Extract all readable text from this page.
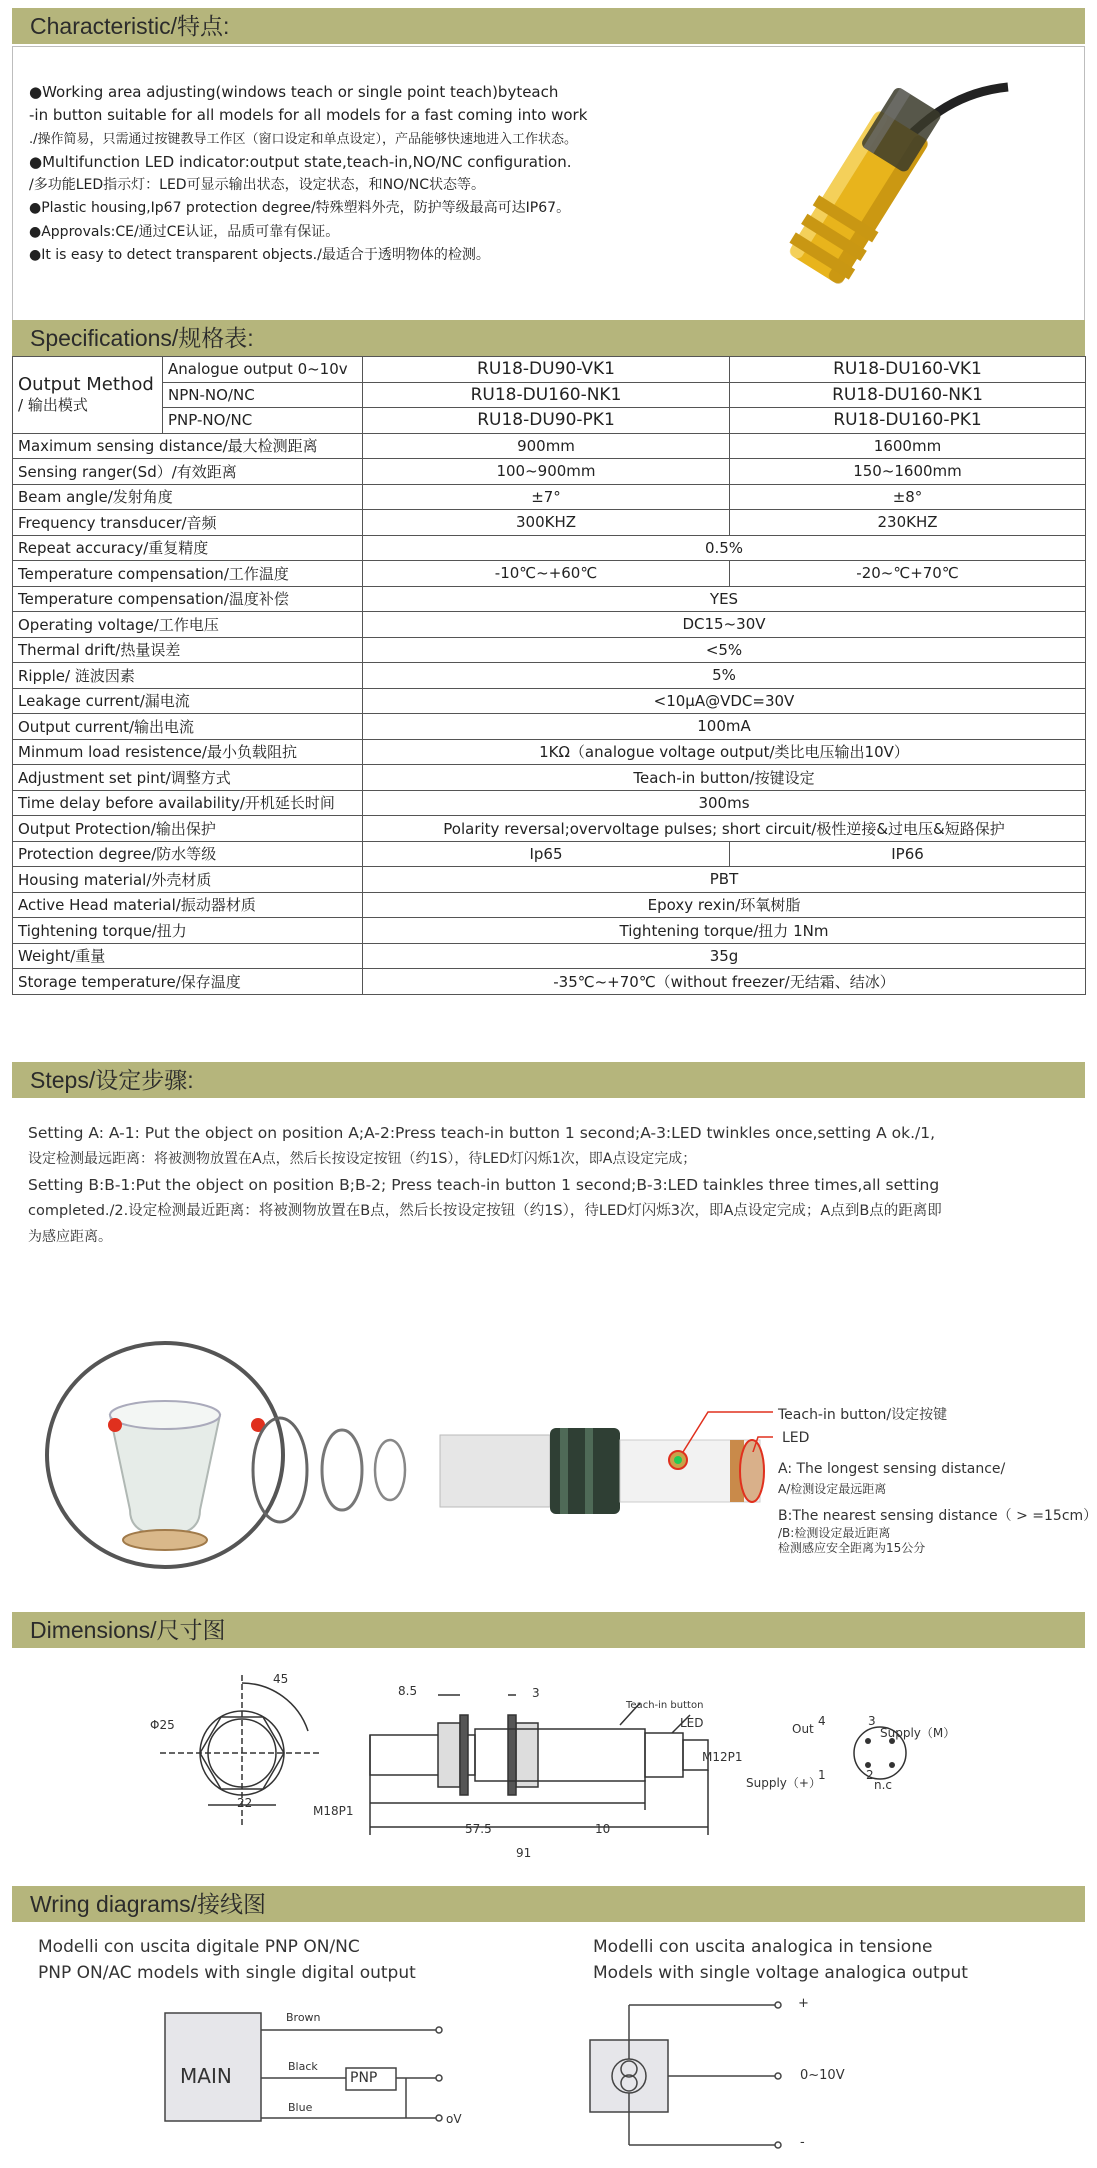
Characteristic/特点:
●Working area adjusting(windows teach or single point teach)byteach
-in button suitable for all models for all models for a fast coming into work
./操作简易，只需通过按键教导工作区（窗口设定和单点设定），产品能够快速地进入工作状态。
●Multifunction LED indicator:output state,teach-in,NO/NC configuration.
/多功能LED指示灯：LED可显示输出状态，设定状态，和NO/NC状态等。
●Plastic housing,Ip67 protection degree/特殊塑料外壳，防护等级最高可达IP67。
●Approvals:CE/通过CE认证，品质可靠有保证。
●It is easy to detect transparent objects./最适合于透明物体的检测。
Specifications/规格表:
Output Method
/ 输出模式	Analogue output 0~10v	RU18-DU90-VK1	RU18-DU160-VK1
	NPN-NO/NC	RU18-DU160-NK1	RU18-DU160-NK1
	PNP-NO/NC	RU18-DU90-PK1	RU18-DU160-PK1
Maximum sensing distance/最大检测距离		900mm	1600mm
Sensing ranger(Sd）/有效距离		100~900mm	150~1600mm
Beam angle/发射角度		±7°	±8°
Frequency transducer/音频		300KHZ	230KHZ
Repeat accuracy/重复精度		0.5%	
Temperature compensation/工作温度		-10℃~+60℃	-20~℃+70℃
Temperature compensation/温度补偿		YES	
Operating voltage/工作电压		DC15~30V	
Thermal drift/热量误差		<5%	
Ripple/ 涟波因素		5%	
Leakage current/漏电流		<10μA@VDC=30V	
Output current/输出电流		100mA	
Minmum load resistence/最小负载阻抗		1KΩ（analogue voltage output/类比电压输出10V）	
Adjustment set pint/调整方式		Teach-in button/按键设定	
Time delay before availability/开机延长时间		300ms	
Output Protection/输出保护		Polarity reversal;overvoltage pulses; short circuit/极性逆接&过电压&短路保护	
Protection degree/防水等级		Ip65	IP66
Housing material/外壳材质		PBT	
Active Head material/振动器材质		Epoxy rexin/环氧树脂	
Tightening torque/扭力		Tightening torque/扭力 1Nm	
Weight/重量		35g	
Storage temperature/保存温度		-35℃~+70℃（without freezer/无结霜、结冰）	
Steps/设定步骤:
Setting A: A-1: Put the object on position A;A-2:Press teach-in button 1 second;A-3:LED twinkles once,setting A ok./1,
设定检测最远距离：将被测物放置在A点，然后长按设定按钮（约1S），待LED灯闪烁1次，即A点设定完成；
Setting B:B-1:Put the object on position B;B-2; Press teach-in button 1 second;B-3:LED tainkles three times,all setting
completed./2.设定检测最近距离：将被测物放置在B点，然后长按设定按钮（约1S），待LED灯闪烁3次，即A点设定完成；A点到B点的距离即
为感应距离。
Teach-in button/设定按键
LED
A: The longest sensing distance/
A/检测设定最远距离
B:The nearest sensing distance（ > =15cm）
/B:检测设定最近距离
检测感应安全距离为15公分
Dimensions/尺寸图
Φ25
45
22
8.5	3
M18P1
Teach-in button
LED
M12P1
57.5	10
91
Out
4	3
Supply（M）
Supply（+）
1	2
n.c
Wring diagrams/接线图
Modelli con uscita digitale PNP ON/NC
PNP ON/AC models with single digital output
Modelli con uscita analogica in tensione
Models with single voltage analogica output
MAIN
Brown
Black
PNP
Blue
oV
+
0~10V
-
